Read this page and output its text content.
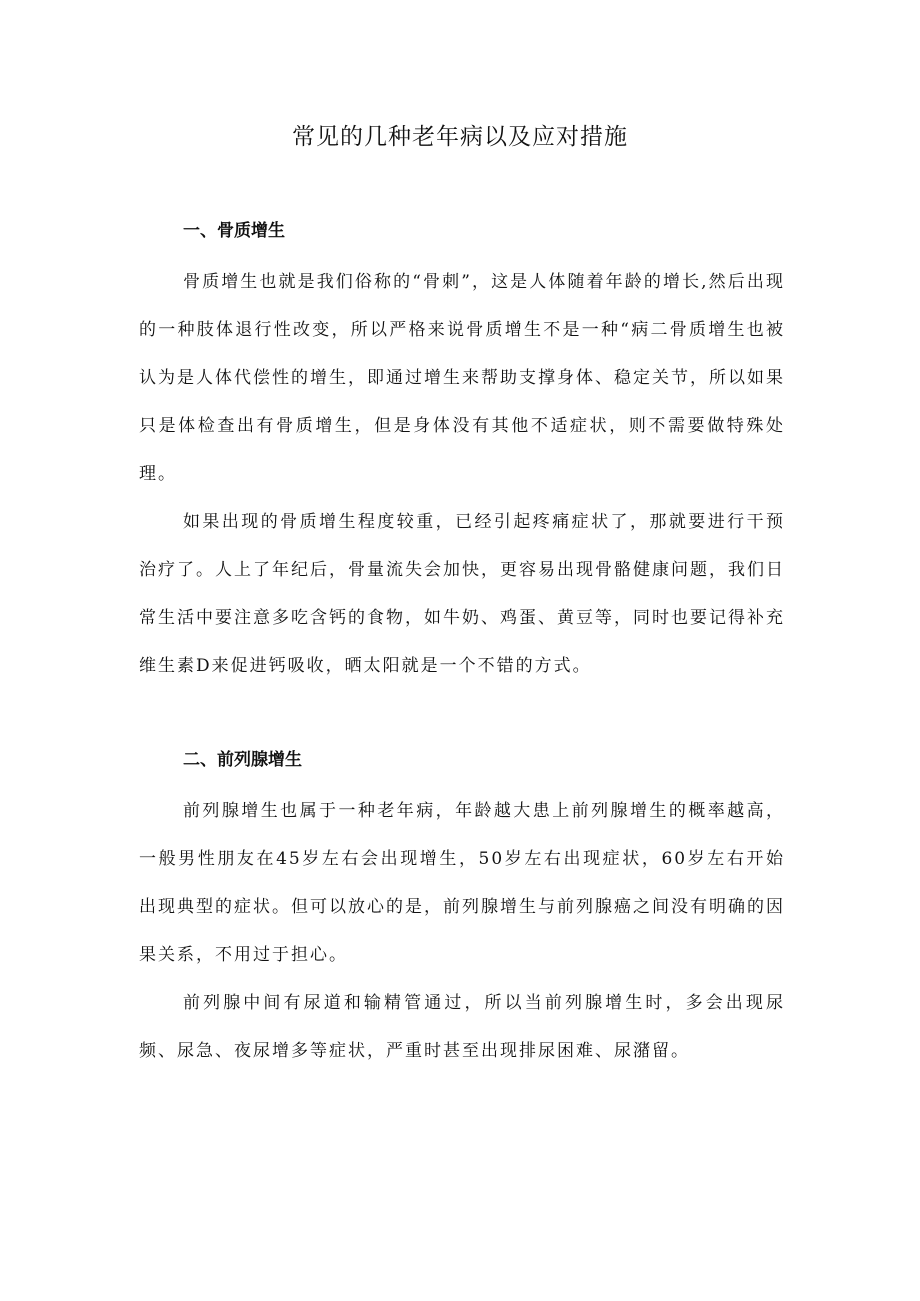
常见的几种老年病以及应对措施
一、骨质增生

骨质增生也就是我们俗称的“骨刺”，这是人体随着年龄的增长,然后出现的一种肢体退行性改变，所以严格来说骨质增生不是一种“病二骨质增生也被认为是人体代偿性的增生，即通过增生来帮助支撑身体、稳定关节，所以如果只是体检查出有骨质增生，但是身体没有其他不适症状，则不需要做特殊处理。

如果出现的骨质增生程度较重，已经引起疼痛症状了，那就要进行干预治疗了。人上了年纪后，骨量流失会加快，更容易出现骨骼健康问题，我们日常生活中要注意多吃含钙的食物，如牛奶、鸡蛋、黄豆等，同时也要记得补充维生素D来促进钙吸收，晒太阳就是一个不错的方式。

二、前列腺增生

前列腺增生也属于一种老年病，年龄越大患上前列腺增生的概率越高，一般男性朋友在45岁左右会出现增生，50岁左右出现症状，60岁左右开始出现典型的症状。但可以放心的是，前列腺增生与前列腺癌之间没有明确的因果关系，不用过于担心。

前列腺中间有尿道和输精管通过，所以当前列腺增生时，多会出现尿频、尿急、夜尿增多等症状，严重时甚至出现排尿困难、尿潴留。
